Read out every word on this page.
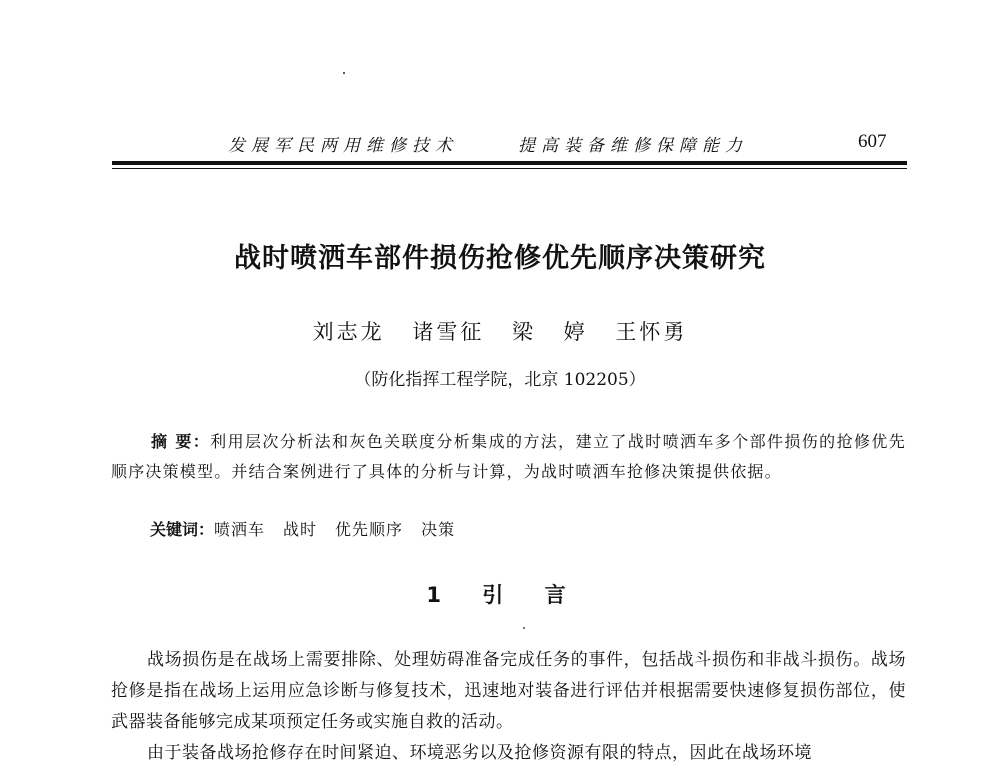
发展军民两用维修技术	提高装备维修保障能力	607
战时喷洒车部件损伤抢修优先顺序决策研究
刘志龙 诸雪征 梁 婷 王怀勇
（防化指挥工程学院，北京 102205）
摘 要：利用层次分析法和灰色关联度分析集成的方法，建立了战时喷洒车多个部件损伤的抢修优先顺序决策模型。并结合案例进行了具体的分析与计算，为战时喷洒车抢修决策提供依据。
关键词：喷洒车 战时 优先顺序 决策
1 引 言
战场损伤是在战场上需要排除、处理妨碍准备完成任务的事件，包括战斗损伤和非战斗损伤。战场抢修是指在战场上运用应急诊断与修复技术，迅速地对装备进行评估并根据需要快速修复损伤部位，使武器装备能够完成某项预定任务或实施自救的活动。
由于装备战场抢修存在时间紧迫、环境恶劣以及抢修资源有限的特点，因此在战场环境
